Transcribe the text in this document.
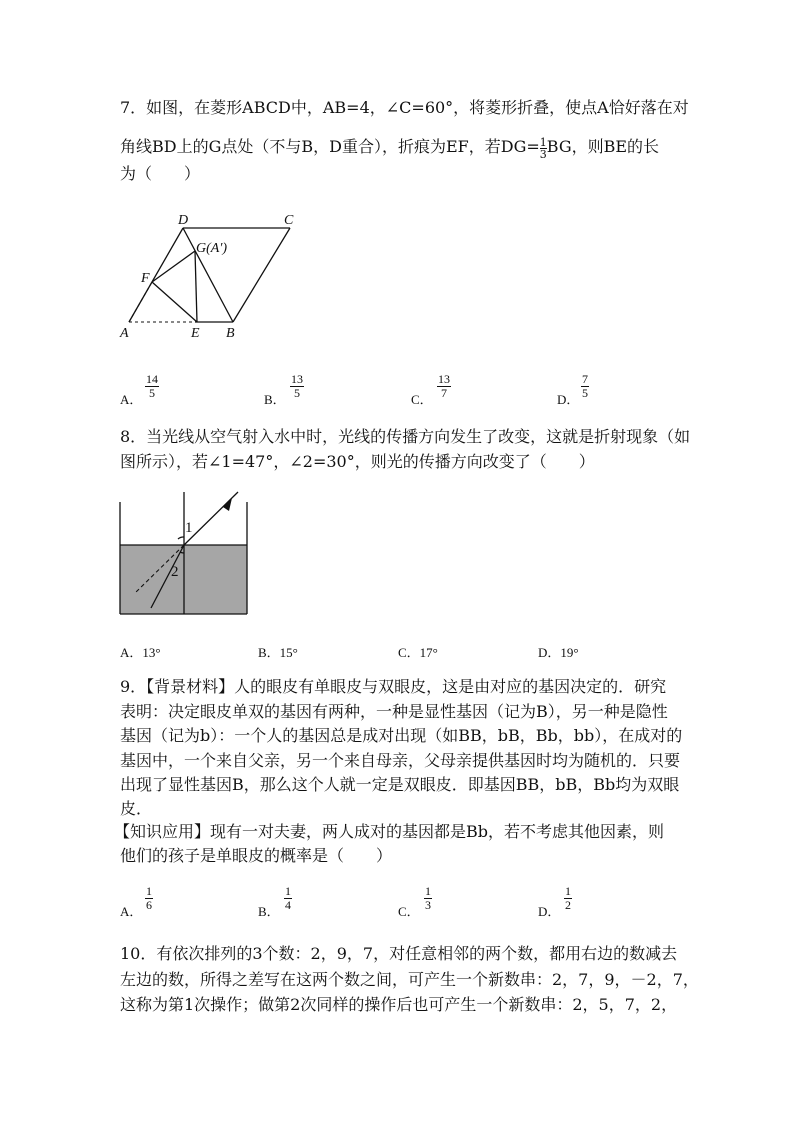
7．如图，在菱形ABCD中，AB=4，∠C=60°，将菱形折叠，使点A恰好落在对
角线BD上的G点处（不与B，D重合），折痕为EF，若$DG= \frac{1}{3}$ BG，则BE的长
为（　　）
D	C
G(A′)
F
A	E B
A． $\frac{14}{5}$	B． $\frac{13}{5}$	C． $\frac{13}{7}$	D． $\frac{7}{5}$
8．当光线从空气射入水中时，光线的传播方向发生了改变，这就是折射现象（如
图所示），若∠1=47°，∠2=30°，则光的传播方向改变了（　　）
1
2
A．13°	B．15°	C．17°	D．19°
9．【背景材料】人的眼皮有单眼皮与双眼皮，这是由对应的基因决定的．研究
表明：决定眼皮单双的基因有两种，一种是显性基因（记为B），另一种是隐性
基因（记为b）：一个人的基因总是成对出现（如BB，bB，Bb，bb），在成对的
基因中，一个来自父亲，另一个来自母亲，父母亲提供基因时均为随机的．只要
出现了显性基因B，那么这个人就一定是双眼皮．即基因BB，bB，Bb均为双眼
皮．
【知识应用】现有一对夫妻，两人成对的基因都是Bb，若不考虑其他因素，则
他们的孩子是单眼皮的概率是（　　）
A． $\frac{1}{6}$	B． $\frac{1}{4}$	C． $\frac{1}{3}$	D． $\frac{1}{2}$
10．有依次排列的3个数：2，9，7，对任意相邻的两个数，都用右边的数减去
左边的数，所得之差写在这两个数之间，可产生一个新数串：2，7，9，－2，7，
这称为第1次操作；做第2次同样的操作后也可产生一个新数串：2，5，7，2，
